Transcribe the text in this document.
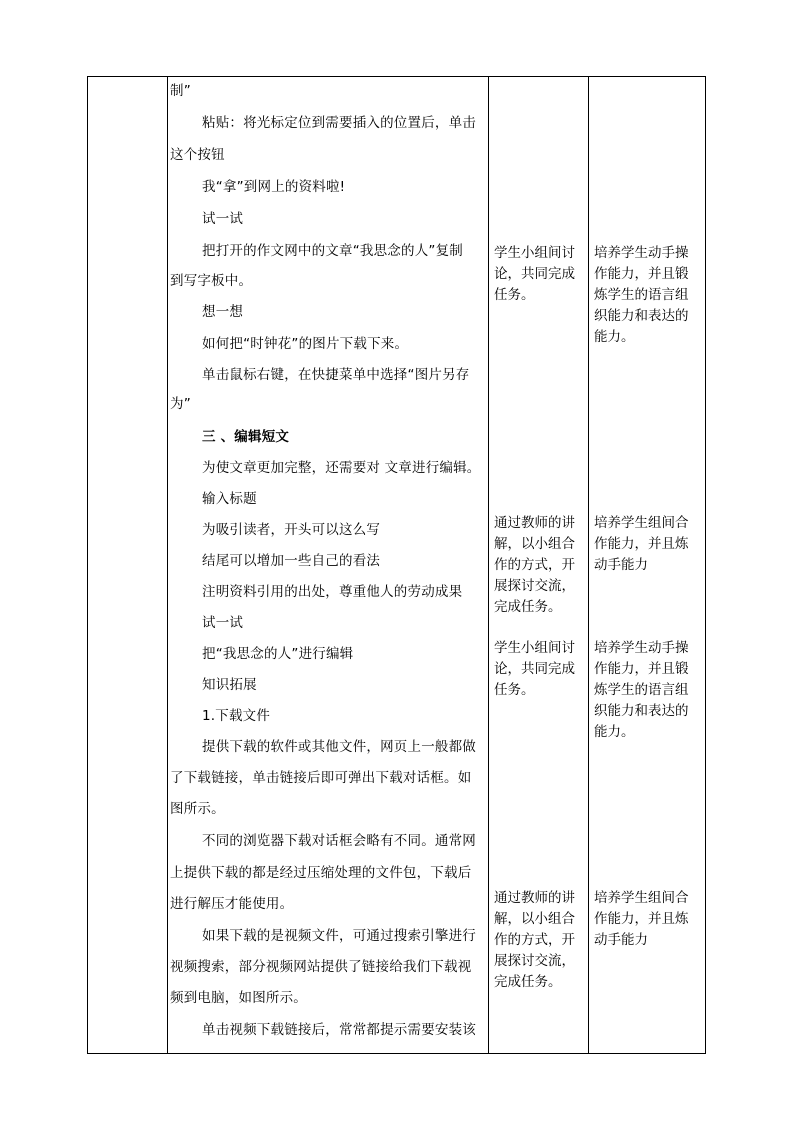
制”
粘贴：将光标定位到需要插入的位置后，单击
这个按钮
我“拿”到网上的资料啦!
试一试
把打开的作文网中的文章“我思念的人”复制
到写字板中。
想一想
如何把“时钟花”的图片下载下来。
单击鼠标右键，在快捷菜单中选择“图片另存
为”
三 、编辑短文
为使文章更加完整，还需要对 文章进行编辑。
输入标题
为吸引读者，开头可以这么写
结尾可以增加一些自己的看法
注明资料引用的出处，尊重他人的劳动成果
试一试
把“我思念的人”进行编辑
知识拓展
1.下载文件
提供下载的软件或其他文件，网页上一般都做
了下载链接，单击链接后即可弹出下载对话框。如
图所示。
不同的浏览器下载对话框会略有不同。通常网
上提供下载的都是经过压缩处理的文件包，下载后
进行解压才能使用。
如果下载的是视频文件，可通过搜索引擎进行
视频搜索，部分视频网站提供了链接给我们下载视
频到电脑，如图所示。
单击视频下载链接后，常常都提示需要安装该
学生小组间讨
论，共同完成
任务。
通过教师的讲
解，以小组合
作的方式，开
展探讨交流，
完成任务。
学生小组间讨
论，共同完成
任务。
通过教师的讲
解，以小组合
作的方式，开
展探讨交流，
完成任务。
培养学生动手操
作能力，并且锻
炼学生的语言组
织能力和表达的
能力。
培养学生组间合
作能力，并且炼
动手能力
培养学生动手操
作能力，并且锻
炼学生的语言组
织能力和表达的
能力。
培养学生组间合
作能力，并且炼
动手能力
